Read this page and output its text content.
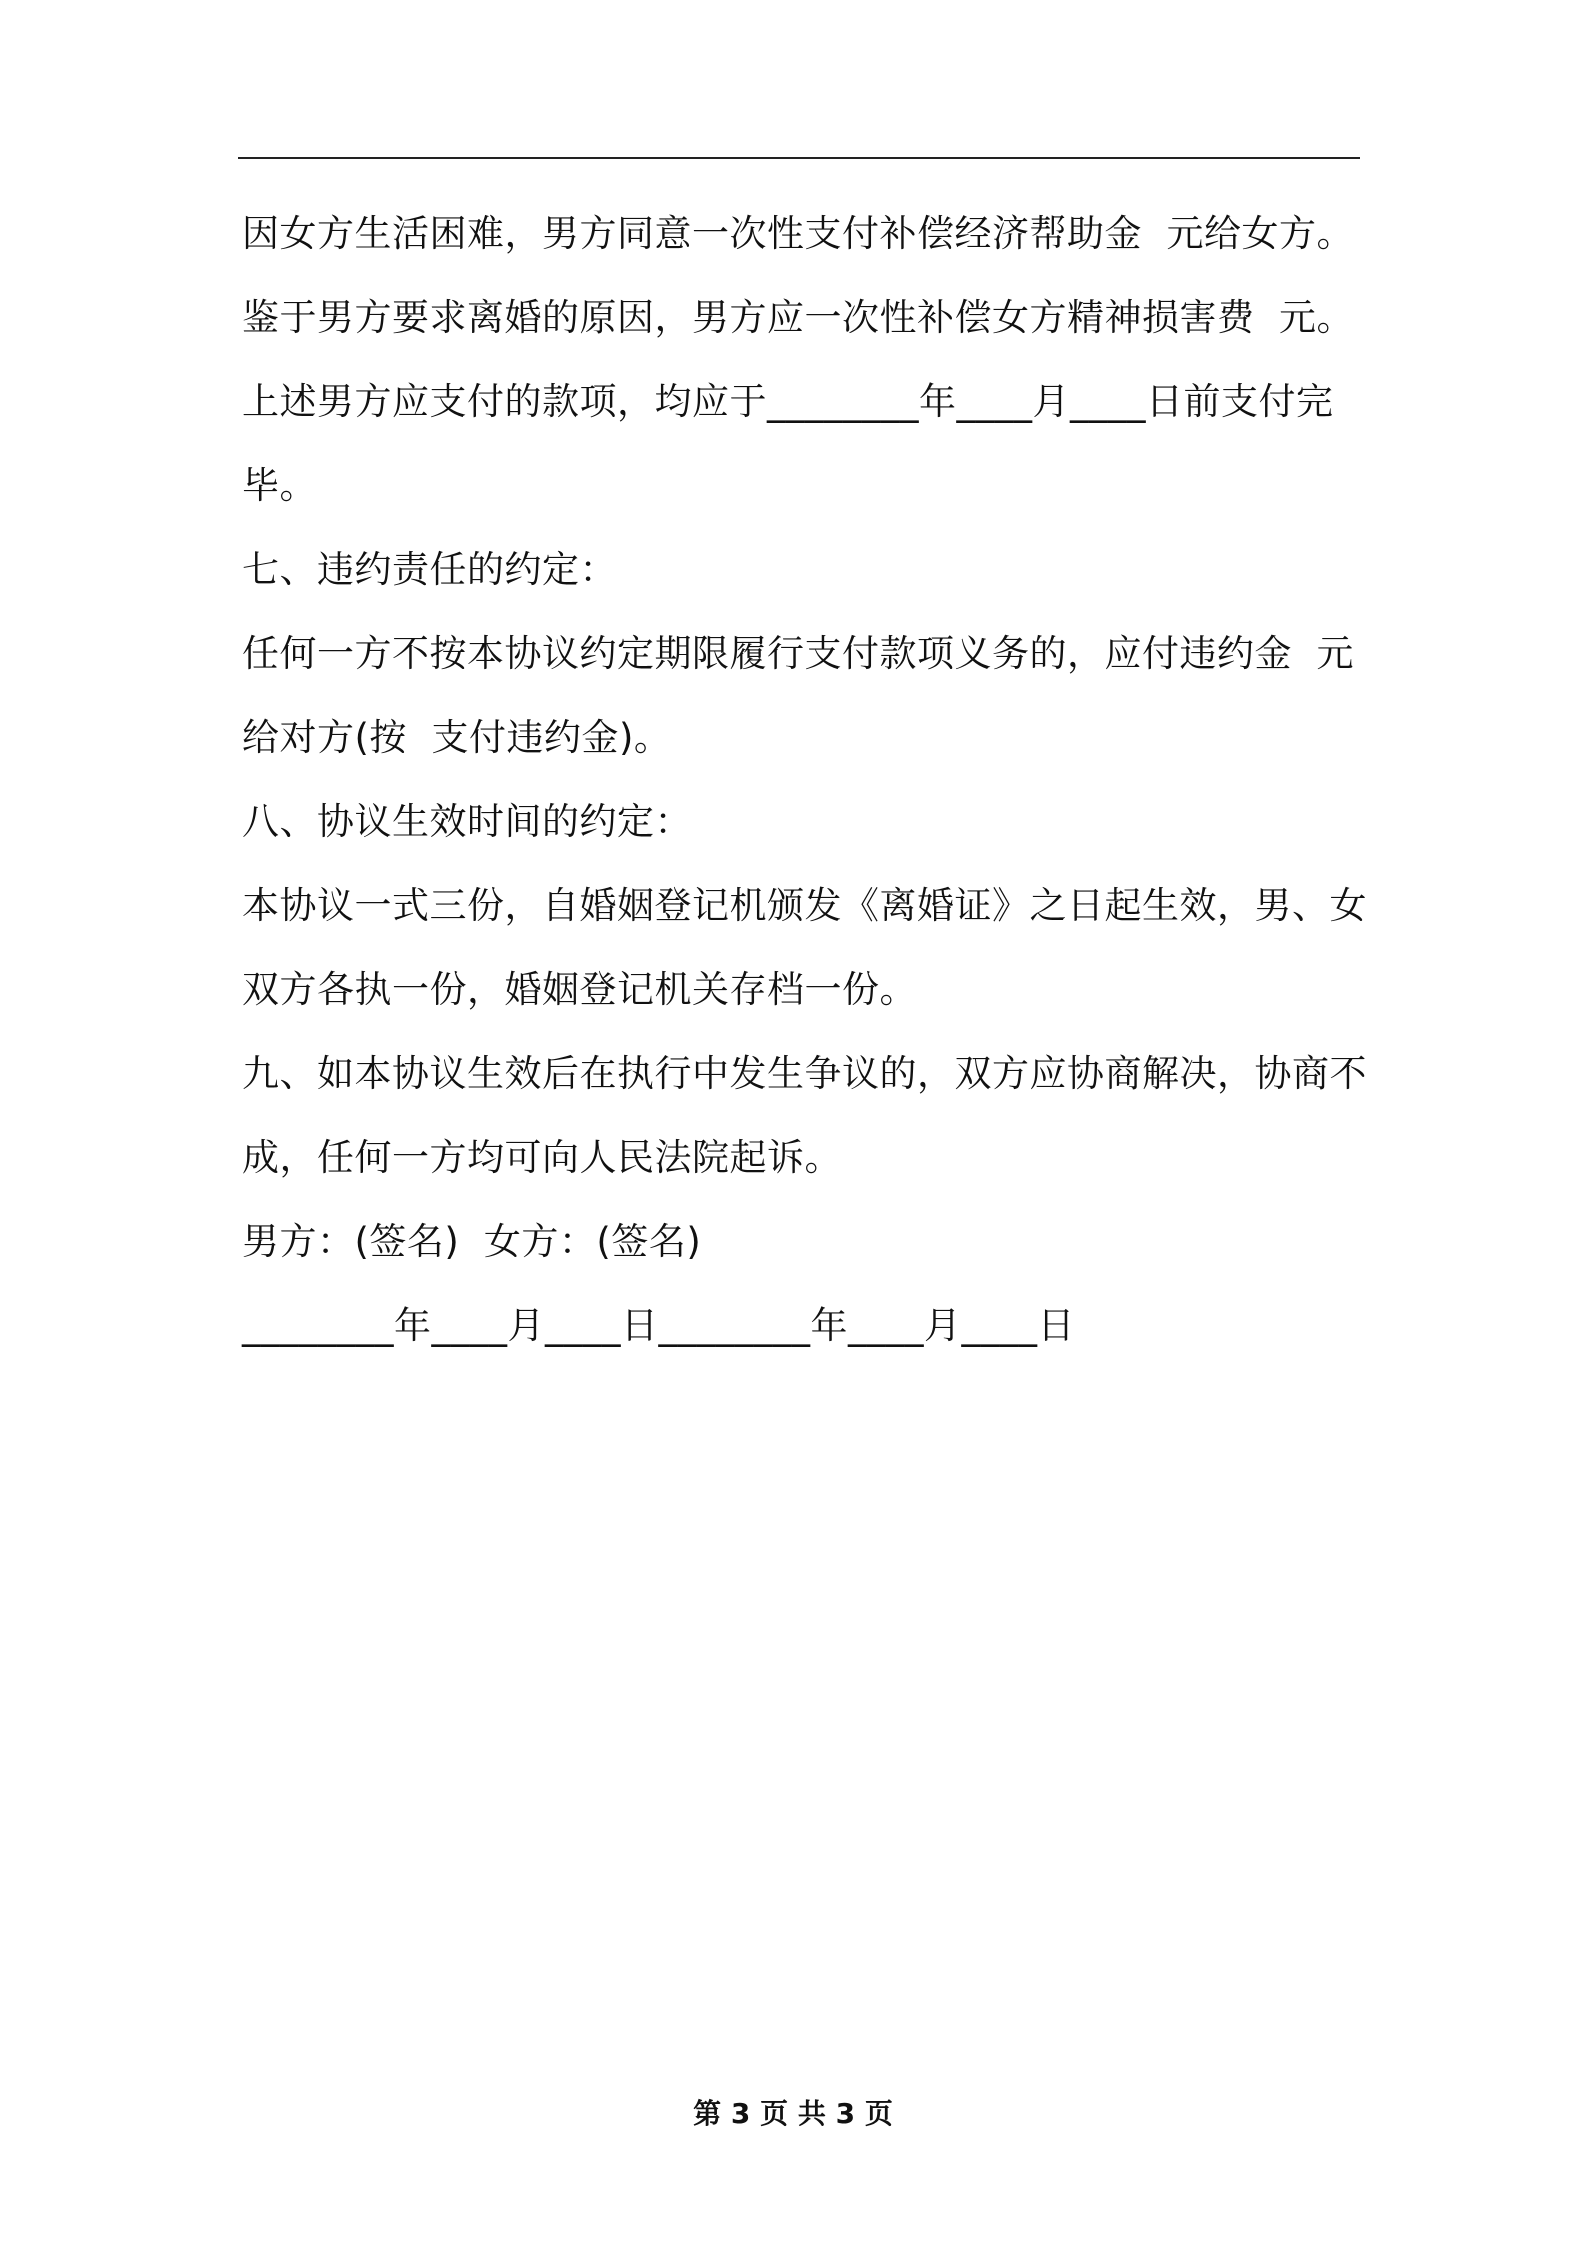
因女方生活困难，男方同意一次性支付补偿经济帮助金  元给女方。
鉴于男方要求离婚的原因，男方应一次性补偿女方精神损害费  元。
上述男方应支付的款项，均应于________年____月____日前支付完
毕。
七、违约责任的约定：
任何一方不按本协议约定期限履行支付款项义务的，应付违约金  元
给对方(按  支付违约金)。
八、协议生效时间的约定：
本协议一式三份，自婚姻登记机颁发《离婚证》之日起生效，男、女
双方各执一份，婚姻登记机关存档一份。
九、如本协议生效后在执行中发生争议的，双方应协商解决，协商不
成，任何一方均可向人民法院起诉。
男方：(签名)  女方：(签名)
________年____月____日________年____月____日
第 3 页 共 3 页
